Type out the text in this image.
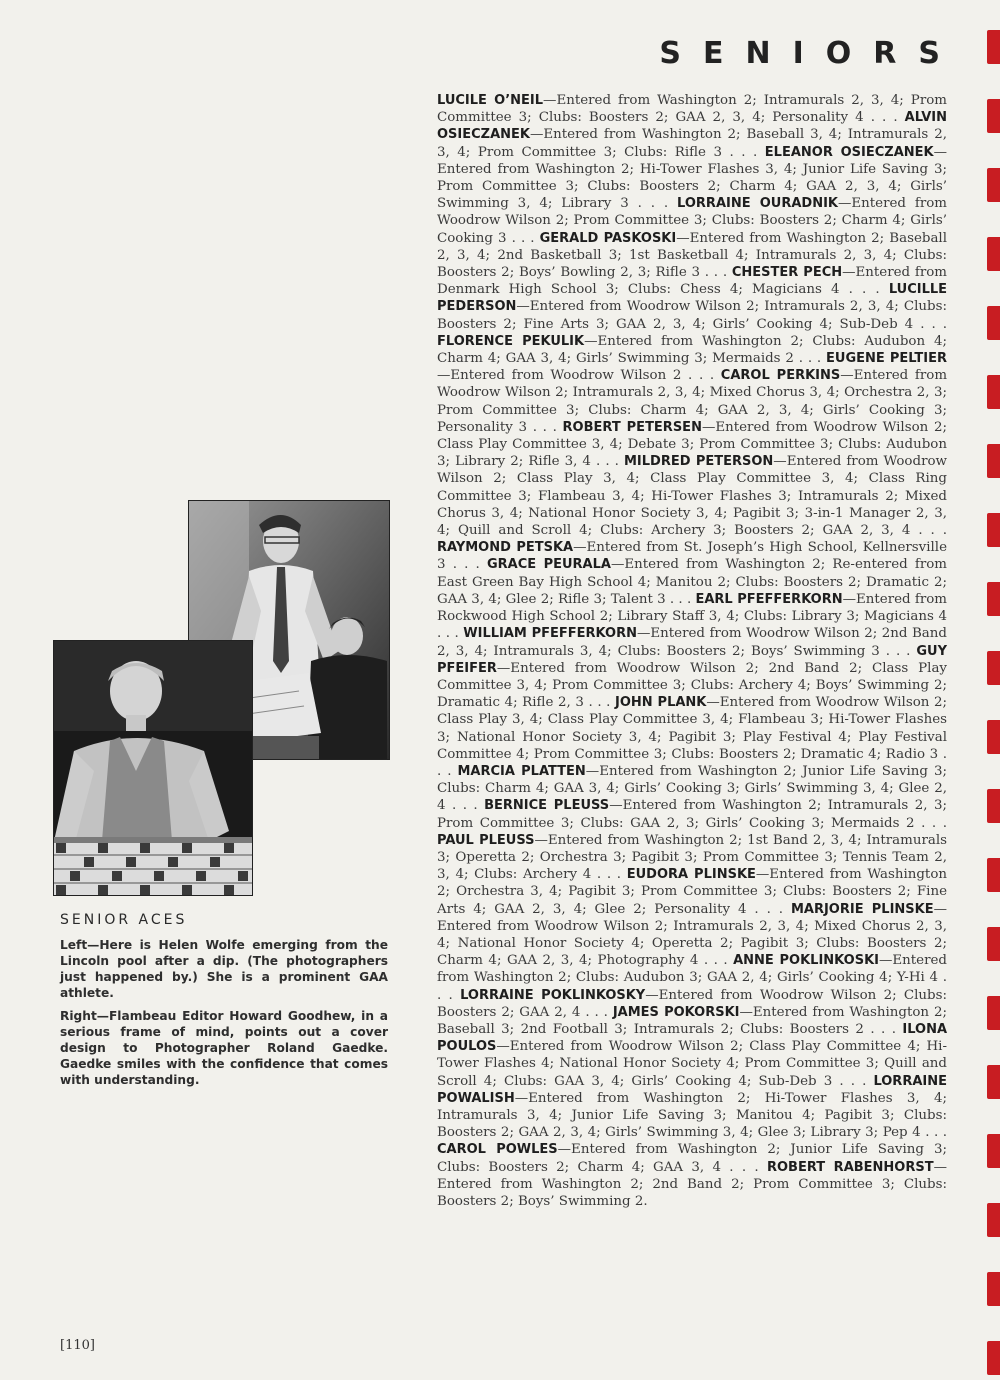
SENIORS
SENIOR ACES

Left—Here is Helen Wolfe emerging from the Lincoln pool after a dip. (The photographers just happened by.) She is a prominent GAA athlete.

Right—Flambeau Editor Howard Goodhew, in a serious frame of mind, points out a cover design to Photographer Roland Gaedke. Gaedke smiles with the confidence that comes with understanding.

LUCILE O’NEIL—Entered from Washington 2; Intramurals 2, 3, 4; Prom Committee 3; Clubs: Boosters 2; GAA 2, 3, 4; Personality 4 . . . ALVIN OSIECZANEK—Entered from Washington 2; Baseball 3, 4; Intramurals 2, 3, 4; Prom Committee 3; Clubs: Rifle 3 . . . ELEANOR OSIECZANEK—Entered from Washington 2; Hi-Tower Flashes 3, 4; Junior Life Saving 3; Prom Committee 3; Clubs: Boosters 2; Charm 4; GAA 2, 3, 4; Girls’ Swimming 3, 4; Library 3 . . . LORRAINE OURADNIK—Entered from Woodrow Wilson 2; Prom Committee 3; Clubs: Boosters 2; Charm 4; Girls’ Cooking 3 . . . GERALD PASKOSKI—Entered from Washington 2; Baseball 2, 3, 4; 2nd Basketball 3; 1st Basketball 4; Intramurals 2, 3, 4; Clubs: Boosters 2; Boys’ Bowling 2, 3; Rifle 3 . . . CHESTER PECH—Entered from Denmark High School 3; Clubs: Chess 4; Magicians 4 . . . LUCILLE PEDERSON—Entered from Woodrow Wilson 2; Intramurals 2, 3, 4; Clubs: Boosters 2; Fine Arts 3; GAA 2, 3, 4; Girls’ Cooking 4; Sub-Deb 4 . . . FLORENCE PEKULIK—Entered from Washington 2; Clubs: Audubon 4; Charm 4; GAA 3, 4; Girls’ Swimming 3; Mermaids 2 . . . EUGENE PELTIER—Entered from Woodrow Wilson 2 . . . CAROL PERKINS—Entered from Woodrow Wilson 2; Intramurals 2, 3, 4; Mixed Chorus 3, 4; Orchestra 2, 3; Prom Committee 3; Clubs: Charm 4; GAA 2, 3, 4; Girls’ Cooking 3; Personality 3 . . . ROBERT PETERSEN—Entered from Woodrow Wilson 2; Class Play Committee 3, 4; Debate 3; Prom Committee 3; Clubs: Audubon 3; Library 2; Rifle 3, 4 . . . MILDRED PETERSON—Entered from Woodrow Wilson 2; Class Play 3, 4; Class Play Committee 3, 4; Class Ring Committee 3; Flambeau 3, 4; Hi-Tower Flashes 3; Intramurals 2; Mixed Chorus 3, 4; National Honor Society 3, 4; Pagibit 3; 3-in-1 Manager 2, 3, 4; Quill and Scroll 4; Clubs: Archery 3; Boosters 2; GAA 2, 3, 4 . . . RAYMOND PETSKA—Entered from St. Joseph’s High School, Kellnersville 3 . . . GRACE PEURALA—Entered from Washington 2; Re-entered from East Green Bay High School 4; Manitou 2; Clubs: Boosters 2; Dramatic 2; GAA 3, 4; Glee 2; Rifle 3; Talent 3 . . . EARL PFEFFERKORN—Entered from Rockwood High School 2; Library Staff 3, 4; Clubs: Library 3; Magicians 4 . . . WILLIAM PFEFFERKORN—Entered from Woodrow Wilson 2; 2nd Band 2, 3, 4; Intramurals 3, 4; Clubs: Boosters 2; Boys’ Swimming 3 . . . GUY PFEIFER—Entered from Woodrow Wilson 2; 2nd Band 2; Class Play Committee 3, 4; Prom Committee 3; Clubs: Archery 4; Boys’ Swimming 2; Dramatic 4; Rifle 2, 3 . . . JOHN PLANK—Entered from Woodrow Wilson 2; Class Play 3, 4; Class Play Committee 3, 4; Flambeau 3; Hi-Tower Flashes 3; National Honor Society 3, 4; Pagibit 3; Play Festival 4; Play Festival Committee 4; Prom Committee 3; Clubs: Boosters 2; Dramatic 4; Radio 3 . . . MARCIA PLATTEN—Entered from Washington 2; Junior Life Saving 3; Clubs: Charm 4; GAA 3, 4; Girls’ Cooking 3; Girls’ Swimming 3, 4; Glee 2, 4 . . . BERNICE PLEUSS—Entered from Washington 2; Intramurals 2, 3; Prom Committee 3; Clubs: GAA 2, 3; Girls’ Cooking 3; Mermaids 2 . . . PAUL PLEUSS—Entered from Washington 2; 1st Band 2, 3, 4; Intramurals 3; Operetta 2; Orchestra 3; Pagibit 3; Prom Committee 3; Tennis Team 2, 3, 4; Clubs: Archery 4 . . . EUDORA PLINSKE—Entered from Washington 2; Orchestra 3, 4; Pagibit 3; Prom Committee 3; Clubs: Boosters 2; Fine Arts 4; GAA 2, 3, 4; Glee 2; Personality 4 . . . MARJORIE PLINSKE—Entered from Woodrow Wilson 2; Intramurals 2, 3, 4; Mixed Chorus 2, 3, 4; National Honor Society 4; Operetta 2; Pagibit 3; Clubs: Boosters 2; Charm 4; GAA 2, 3, 4; Photography 4 . . . ANNE POKLINKOSKI—Entered from Washington 2; Clubs: Audubon 3; GAA 2, 4; Girls’ Cooking 4; Y-Hi 4 . . . LORRAINE POKLINKOSKY—Entered from Woodrow Wilson 2; Clubs: Boosters 2; GAA 2, 4 . . . JAMES POKORSKI—Entered from Washington 2; Baseball 3; 2nd Football 3; Intramurals 2; Clubs: Boosters 2 . . . ILONA POULOS—Entered from Woodrow Wilson 2; Class Play Committee 4; Hi-Tower Flashes 4; National Honor Society 4; Prom Committee 3; Quill and Scroll 4; Clubs: GAA 3, 4; Girls’ Cooking 4; Sub-Deb 3 . . . LORRAINE POWALISH—Entered from Washington 2; Hi-Tower Flashes 3, 4; Intramurals 3, 4; Junior Life Saving 3; Manitou 4; Pagibit 3; Clubs: Boosters 2; GAA 2, 3, 4; Girls’ Swimming 3, 4; Glee 3; Library 3; Pep 4 . . . CAROL POWLES—Entered from Washington 2; Junior Life Saving 3; Clubs: Boosters 2; Charm 4; GAA 3, 4 . . . ROBERT RABENHORST—Entered from Washington 2; 2nd Band 2; Prom Committee 3; Clubs: Boosters 2; Boys’ Swimming 2.
[110]
